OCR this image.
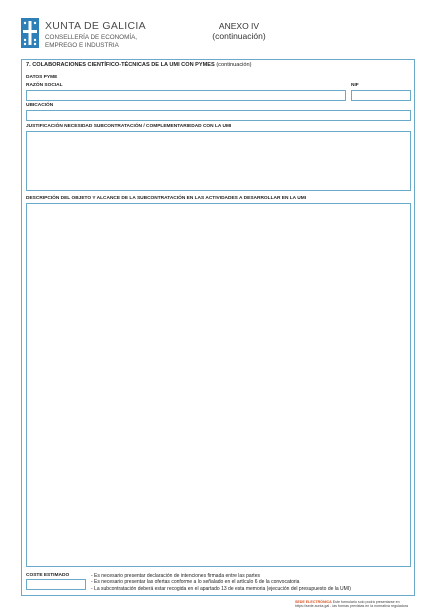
XUNTA DE GALICIA
CONSELLERÍA DE ECONOMÍA,
EMPREGO E INDUSTRIA
ANEXO IV
(continuación)
7. COLABORACIONES CIENTÍFICO-TÉCNICAS DE LA UMI CON PYMES (continuación)
DATOS PYME
RAZÓN SOCIAL	NIF
UBICACIÓN
JUSTIFICACIÓN NECESIDAD SUBCONTRATACIÓN / COMPLEMENTARIEDAD CON LA UMI
DESCRIPCIÓN DEL OBJETO Y ALCANCE DE LA SUBCONTRATACIÓN EN LAS ACTIVIDADES A DESARROLLAR EN LA UMI
COSTE ESTIMADO	- Es necesario presentar declaración de intenciones firmada entre las partes
- Es necesario presentar las ofertas conforme a lo señalado en el artículo 6 de la convocatoria
- La subcontratación deberá estar recogida en el apartado 13 de esta memoria (ejecución del presupuesto de la UMI)
SEDE ELECTRÓNICA Este formulario solo podrá presentarse en
https://sede.xunta.gal - las formas previstas en la normativa reguladora
